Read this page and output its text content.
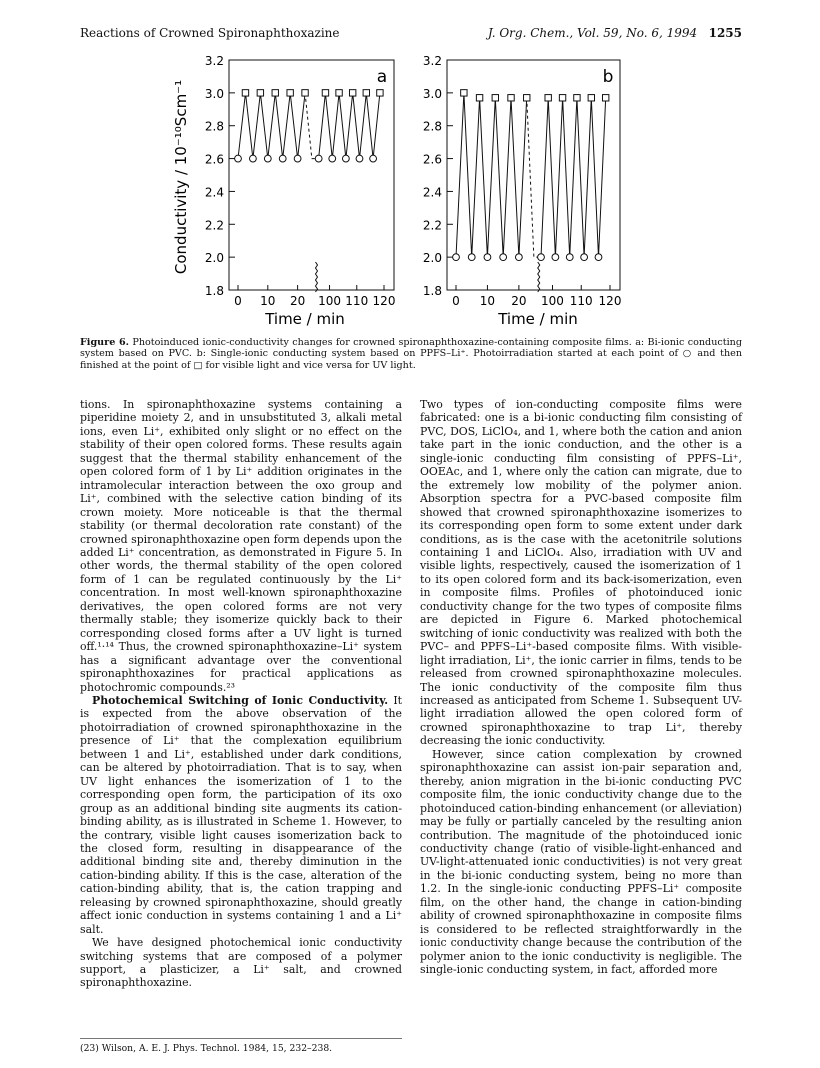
Reactions of Crowned Spironaphthoxazine	J. Org. Chem., Vol. 59, No. 6, 1994 1255
3.2
3.0
2.8
2.6
2.4
2.2
2.0
1.8
0 10 20 100 110 120
a
3.2
3.0
2.8
2.6
2.4
2.2
2.0
1.8
0 10 20 100 110 120
b
Conductivity / 10⁻¹⁰Scm⁻¹
Time / min	Time / min
Figure 6. Photoinduced ionic-conductivity changes for crowned spironaphthoxazine-containing composite films. a: Bi-ionic conducting system based on PVC. b: Single-ionic conducting system based on PPFS–Li⁺. Photoirradiation started at each point of ○ and then finished at the point of □ for visible light and vice versa for UV light.

tions. In spironaphthoxazine systems containing a piperidine moiety 2, and in unsubstituted 3, alkali metal ions, even Li⁺, exhibited only slight or no effect on the stability of their open colored forms. These results again suggest that the thermal stability enhancement of the open colored form of 1 by Li⁺ addition originates in the intramolecular interaction between the oxo group and Li⁺, combined with the selective cation binding of its crown moiety. More noticeable is that the thermal stability (or thermal decoloration rate constant) of the crowned spironaphthoxazine open form depends upon the added Li⁺ concentration, as demonstrated in Figure 5. In other words, the thermal stability of the open colored form of 1 can be regulated continuously by the Li⁺ concentration. In most well-known spironaphthoxazine derivatives, the open colored forms are not very thermally stable; they isomerize quickly back to their corresponding closed forms after a UV light is turned off.¹·¹⁴ Thus, the crowned spironaphthoxazine–Li⁺ system has a significant advantage over the conventional spironaphthoxazines for practical applications as photochromic compounds.²³

Photochemical Switching of Ionic Conductivity. It is expected from the above observation of the photoirradiation of crowned spironaphthoxazine in the presence of Li⁺ that the complexation equilibrium between 1 and Li⁺, established under dark conditions, can be altered by photoirradiation. That is to say, when UV light enhances the isomerization of 1 to the corresponding open form, the participation of its oxo group as an additional binding site augments its cation-binding ability, as is illustrated in Scheme 1. However, to the contrary, visible light causes isomerization back to the closed form, resulting in disappearance of the additional binding site and, thereby diminution in the cation-binding ability. If this is the case, alteration of the cation-binding ability, that is, the cation trapping and releasing by crowned spironaphthoxazine, should greatly affect ionic conduction in systems containing 1 and a Li⁺ salt.

We have designed photochemical ionic conductivity switching systems that are composed of a polymer support, a plasticizer, a Li⁺ salt, and crowned spironaphthoxazine.

(23) Wilson, A. E. J. Phys. Technol. 1984, 15, 232–238.

Two types of ion-conducting composite films were fabricated: one is a bi-ionic conducting film consisting of PVC, DOS, LiClO₄, and 1, where both the cation and anion take part in the ionic conduction, and the other is a single-ionic conducting film consisting of PPFS–Li⁺, OOEAc, and 1, where only the cation can migrate, due to the extremely low mobility of the polymer anion. Absorption spectra for a PVC-based composite film showed that crowned spironaphthoxazine isomerizes to its corresponding open form to some extent under dark conditions, as is the case with the acetonitrile solutions containing 1 and LiClO₄. Also, irradiation with UV and visible lights, respectively, caused the isomerization of 1 to its open colored form and its back-isomerization, even in composite films. Profiles of photoinduced ionic conductivity change for the two types of composite films are depicted in Figure 6. Marked photochemical switching of ionic conductivity was realized with both the PVC– and PPFS–Li⁺-based composite films. With visible-light irradiation, Li⁺, the ionic carrier in films, tends to be released from crowned spironaphthoxazine molecules. The ionic conductivity of the composite film thus increased as anticipated from Scheme 1. Subsequent UV-light irradiation allowed the open colored form of crowned spironaphthoxazine to trap Li⁺, thereby decreasing the ionic conductivity.

However, since cation complexation by crowned spironaphthoxazine can assist ion-pair separation and, thereby, anion migration in the bi-ionic conducting PVC composite film, the ionic conductivity change due to the photoinduced cation-binding enhancement (or alleviation) may be fully or partially canceled by the resulting anion contribution. The magnitude of the photoinduced ionic conductivity change (ratio of visible-light-enhanced and UV-light-attenuated ionic conductivities) is not very great in the bi-ionic conducting system, being no more than 1.2. In the single-ionic conducting PPFS–Li⁺ composite film, on the other hand, the change in cation-binding ability of crowned spironaphthoxazine in composite films is considered to be reflected straightforwardly in the ionic conductivity change because the contribution of the polymer anion to the ionic conductivity is negligible. The single-ionic conducting system, in fact, afforded more
